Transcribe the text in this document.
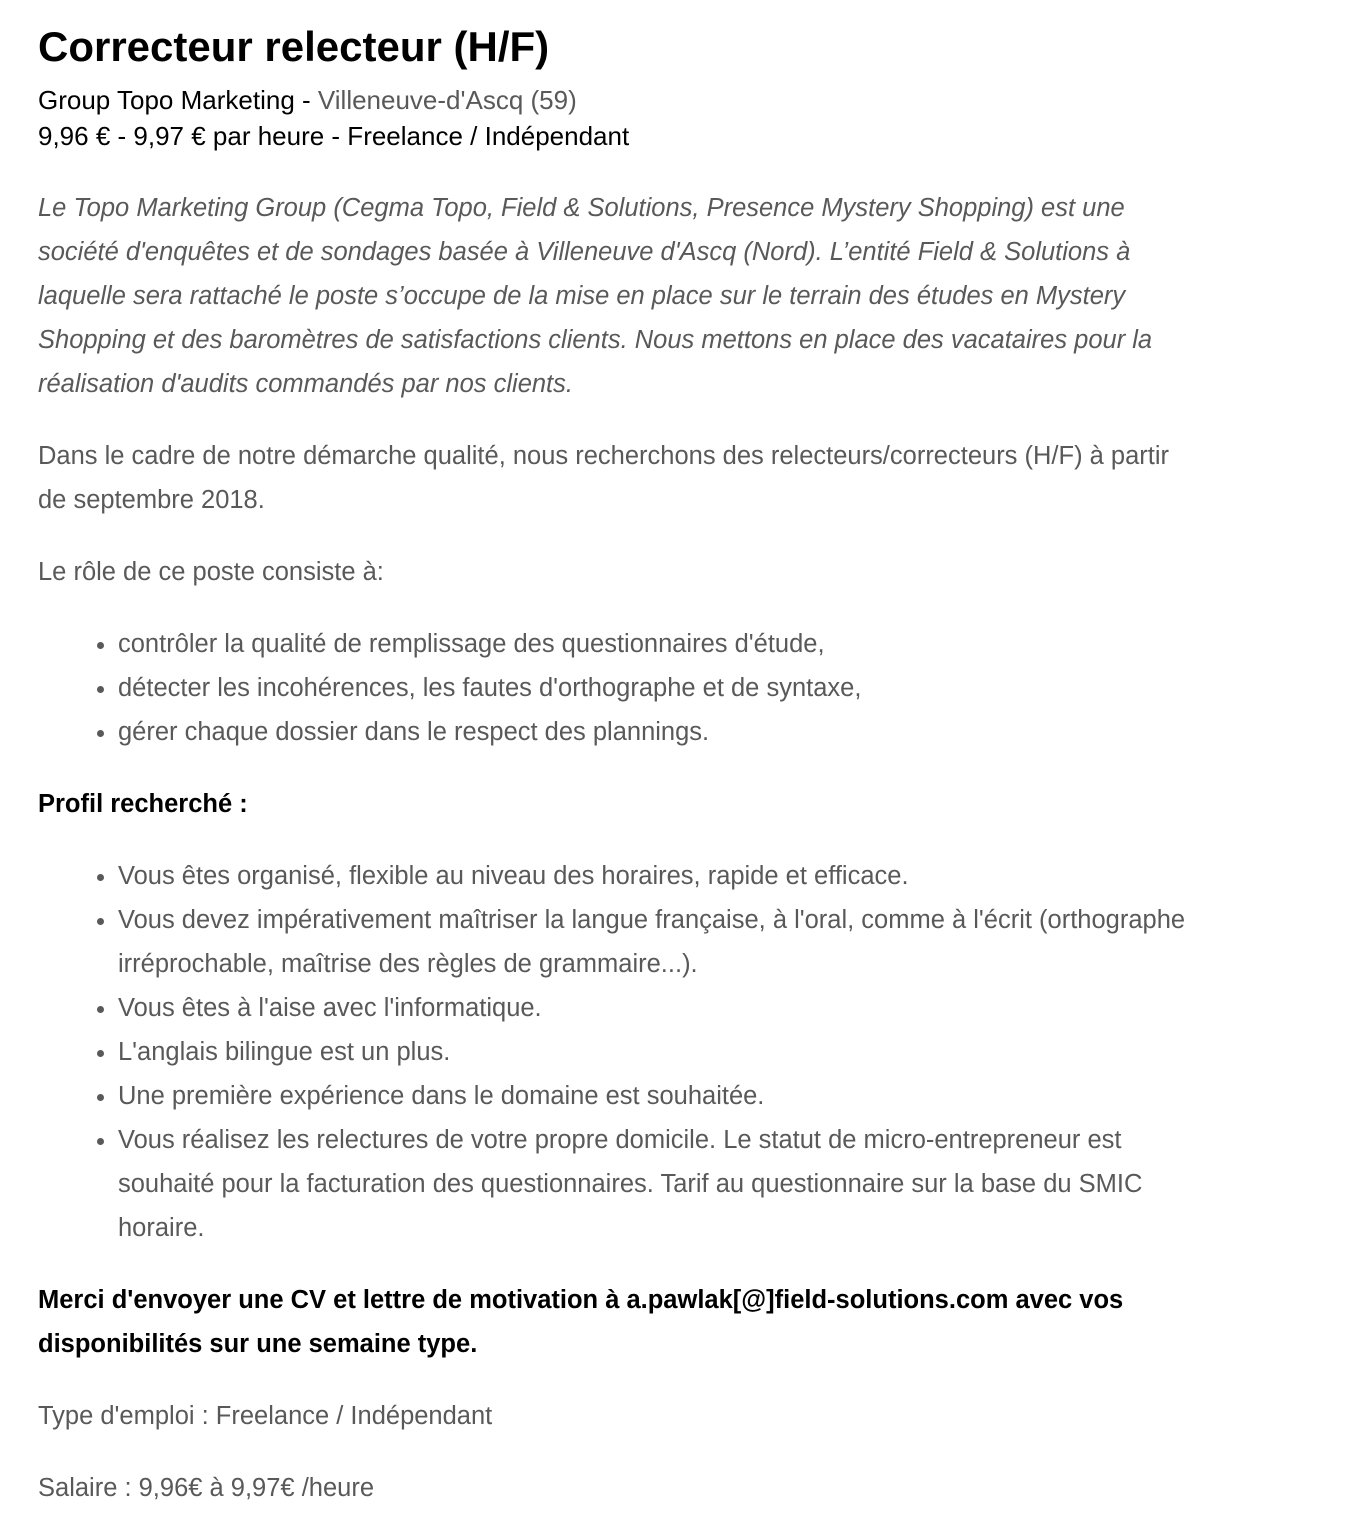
Correcteur relecteur (H/F)
Group Topo Marketing - Villeneuve-d'Ascq (59)
9,96 € - 9,97 € par heure - Freelance / Indépendant

Le Topo Marketing Group (Cegma Topo, Field & Solutions, Presence Mystery Shopping) est une société d'enquêtes et de sondages basée à Villeneuve d'Ascq (Nord). L’entité Field & Solutions à laquelle sera rattaché le poste s’occupe de la mise en place sur le terrain des études en Mystery Shopping et des baromètres de satisfactions clients. Nous mettons en place des vacataires pour la réalisation d'audits commandés par nos clients.

Dans le cadre de notre démarche qualité, nous recherchons des relecteurs/correcteurs (H/F) à partir de septembre 2018.

Le rôle de ce poste consiste à:

• contrôler la qualité de remplissage des questionnaires d'étude,
• détecter les incohérences, les fautes d'orthographe et de syntaxe,
• gérer chaque dossier dans le respect des plannings.

Profil recherché :

• Vous êtes organisé, flexible au niveau des horaires, rapide et efficace.
• Vous devez impérativement maîtriser la langue française, à l'oral, comme à l'écrit (orthographe irréprochable, maîtrise des règles de grammaire...).
• Vous êtes à l'aise avec l'informatique.
• L'anglais bilingue est un plus.
• Une première expérience dans le domaine est souhaitée.
• Vous réalisez les relectures de votre propre domicile. Le statut de micro-entrepreneur est souhaité pour la facturation des questionnaires. Tarif au questionnaire sur la base du SMIC horaire.

Merci d'envoyer une CV et lettre de motivation à a.pawlak[@]field-solutions.com avec vos disponibilités sur une semaine type.

Type d'emploi : Freelance / Indépendant

Salaire : 9,96€ à 9,97€ /heure
